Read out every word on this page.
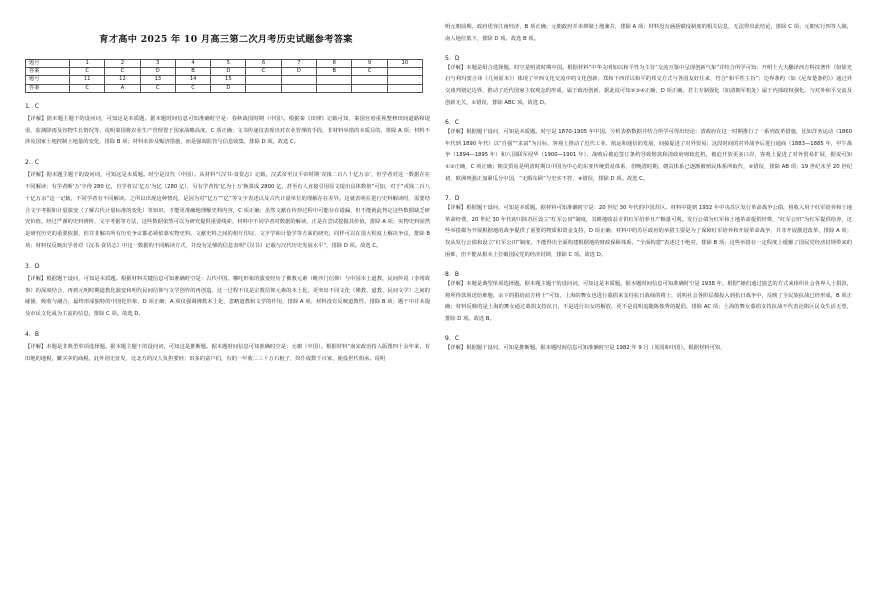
育才高中 2025 年 10 月高三第二次月考历史试题参考答案
题号	1	2	3	4	5	6	7	8	9	10
答案	C	C	D	B	D	C	D	B	C	
题号	11	12	13	14	15					
答案	C	A	C	C	D					
1．C
【详解】据本题主题干的设问词，可知这是本质题。据本题时间信息可知准确时空是：春秋战国时期（中国）。根据秦《田律》记载可知，秦国官府重视整修田间道路和堤渠、监测降雨及谷物生长情况等，说明秦国将农业生产管理置于国家战略高度，C 项正确；文书传递仅表现出对农业管理的手段，非材料举措的本质目的，排除 A 项；材料不涉及国家土地控制土地量的变化，排除 B 项；材料未涉及赈济措施，而是强调监管与信息收集，排除 D 项。故选 C。
2．C
【详解】据本题主题干的设问词，可知这是本质题。时空是汉代（中国）。从材料“《汉书·食货志》记载，汉武帝至汉平帝时期‘戎钱二百八十亿万余’，但学者对这一数据存在不同解读：有学者断‘万’字得 280 亿，有学者以‘亿万’为亿（280 亿），另有学者按‘亿为十万’换算成 2800 亿，甚至有人直接引用原文提出具体数值”可知，对于“戎钱二百八十亿万余”这一记载，不同学者有不同解读。之所以出现这种情况，是因为对“亿万”“亿”等文字表述以及古代计量单位的理解存在差异。这就表明在进行史料解读时，需要结合文字考据和计量演变（了解古代计量标准的变化）等知识，才能更准确地理解史料内容，C 项正确；虽然文献在传抄过程中可能存在错漏，但不能就此判定这些数据缺乏研究价值。经过严谨的史料辨析、文字考据等方法，这些数据依然可以为研究提供重要线索。材料中不同学者对数据的解读，正是在尝试挖掘其价值，排除 A 项；实物史料固然是研究历史的重要依据，但并非解决所有历史争议都必须依靠实物史料。文献史料之间的相互印证、文字学和计量学等方面的研究，同样可以在很大程度上解决争议，排除 B 项；材料仅反映出学者对《汉书·食货志》中这一数据的不同解读方式，并没有足够的信息表明“《汉书》记载与汉代历史发展水平”，排除 D 项。故选 C。
3．D
【详解】根据题干设问，可知是本质题。根据材料关键信息可知准确时空是：古代中国。哪吒形象的演变经历了佛教元素（毗沙门信仰）与中国本土道教、民间传说（李靖故事）的深度结合，再到元明时期道教化演变和明代民间信仰与文学创作的再创造。这一过程不仅是宗教信仰元素的本土化，更突出不同文化（佛教、道教、民间文学）之间的碰撞、吸收与融合，最终形成独特的中国化形象，D 项正确；A 项仅强调佛教本土化，忽略道教和文学的作用，排除 A 项；材料没有反映道教性，排除 B 项；题干中并未提及市民文化成为主流的信息，排除 C 项。故选 D。
4．B
【详解】本题是非典型单项选择题。据本题主题干的设问词，可知这是推断题。据本题时间信息可知准确时空是：元朝（中国）。根据材料“南宋政治持入版图四十余年来，有田地的地税，繁买卖的商税，此外别无征发，比北方的汉人负担要轻；田多的富户们，有的一年收二三十万石租子，奴仆成数千百家，使役世代相承。说明
明元朝前期，政府优容江南经济，B 项正确；元朝政府并未抑制土地兼并，排除 A 项；材料没有涵括赋役制度的相关信息，无法得出此结论，排除 C 项；元朝实行四等人制，南人地位低下，排除 D 项。故选 B 项。
5．D
【详解】本题是组合选择题。时空是明清时期中国。根据材料“中华文明如以和平性为主旨”交流互鉴中呈现创新气象”并结合所学可知：开明士大夫翻译西方科技著作（如徐光启与利玛窦合译《几何原本》）体现了中西文化交流中的文化创新；郑和下西洋以和平的邦交方式与各国友好往来，符合“和平性主旨”；边界条约（如《尼布楚条约》）通过外交谈判划定边界，推动了近代国家主权观念的形成，属于政治创新，据此说可知②③④正确，D 项正确。君主专制强化（如清朝军机处）属于内部政权强化，与对外和平交流及创新无关，①错误，排除 ABC 项。故选 D。
6．C
【详解】根据题干设问，可知是本质题。时空是 1870-1905 年中国。分析表格数据并结合所学可得出结论：清政府在这一时期推行了一系列改革措施，比如洋务运动（1860 年代到 1890 年代）以“自强”“求富”为目标，客观上推动了近代工业、航运和通信的发展，间接促进了对外贸易；这段时间的对外战争后进行通商（1883—1885 年，甲午战争（1894—1895 年）和八国联军侵华（1900—1901 年），战败后被迫签订条约导致赔款和清政府财政危机，被迫开放更多口岸，客观上促进了对外贸易扩展，据说可知①③正确，C 项正确；朝贡贸易是明清时期以中国为中心的东亚传统贸易体系，但晚清时期，朝贡体系已逐渐被殖民体系所取代，②错误，排除 AB 项；19 世纪末至 20 世纪初，欧洲列强正加紧瓜分中国，“无暇东顾”与史实不符，④错误，排除 D 项。故选 C。
7．D
【详解】根据题干设问，可知是本质题。据材料可知准确时空是：20 世纪 30 年代的中国苏区。材料中提到 1932 年中央苏区发行革命战争公债，将收入用于红军给养和土地革命经费，20 世纪 30 年代初川陕苏区设立“红军公田”制度，其耕地收益专供红军给养且产粮量可观。发行公债为红军和土地革命提供经费，“红军公田”为红军提供给养，这些举措都为开展根据地的战争提供了重要的物质和资金支持，D 项正确；材料中的苏区政府的举措主要是为了保障红军给养和开展革命战争，并非开展激进改革，排除 A 项；仅从发行公债和设立“红军公田”制度，不能得出全面构建根据地的财政保障体系，“全面构建”表述过于绝对，排除 B 项；这些举措在一定程度上缓解了国民党经济封锁带来的困难，但不能从根本上打破国民党的经济封锁，排除 C 项。故选 D。
8．B
【详解】本题是典型单项选择题。据本题主题干的设问词，可知这是本质题。据本题时间信息可知准确时空是 1938 年。根据“她们通过演艺的方式来组织社会各界人士捐款，将所得款项送给难胞，余下的捐给前方将士”可知，上海的舞女也进行募捐来支持抗日战线的将士，说明社会各阶层都投入到抗日战争中，反映了全民族抗战已经形成，B 项正确；材料反映的是上海的舞女通过募捐支持抗日，不是进行妇女的解放，更不是说明追随陈独秀的提倡，排除 AC 项；上海的舞女募捐支持抗战不代表沦陷区民众生活无望，排除 D 项。故选 B。
9．C
【详解】根据题干设问，可知是推断题。据本题时间信息可知准确时空是 1982 年 9 月（英国和中国）。根据材料可知，
